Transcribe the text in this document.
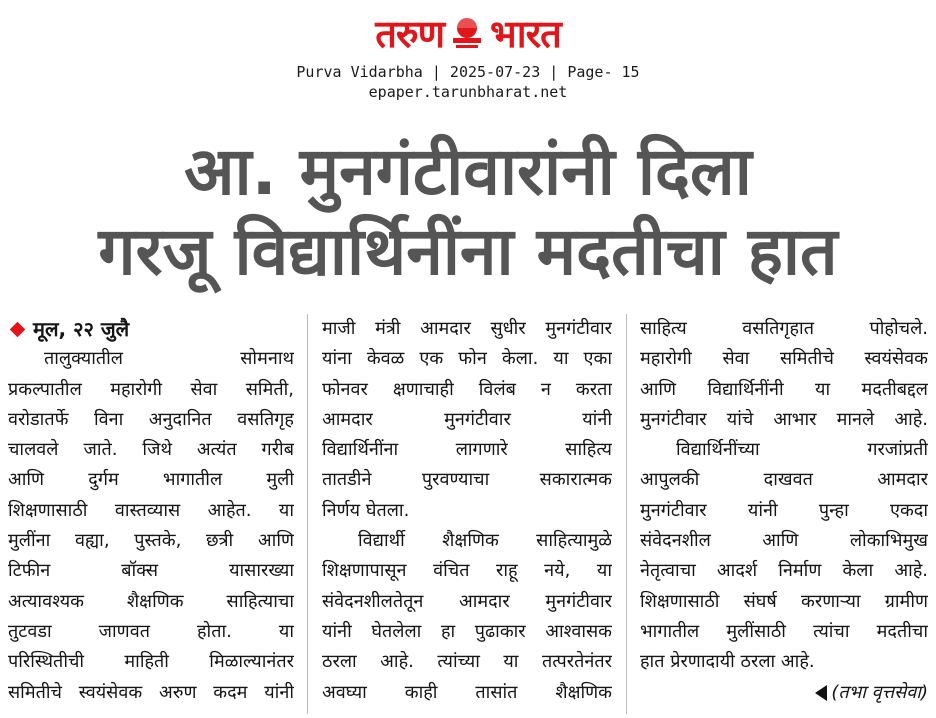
तरुण भारत
Purva Vidarbha | 2025-07-23 | Page- 15
epaper.tarunbharat.net
आ. मुनगंटीवारांनी दिला
गरजू विद्यार्थिनींना मदतीचा हात
मूल, २२ जुलै
तालुक्यातील सोमनाथ
प्रकल्पातील महारोगी सेवा समिती,
वरोडातर्फे विना अनुदानित वसतिगृह
चालवले जाते. जिथे अत्यंत गरीब
आणि दुर्गम भागातील मुली
शिक्षणासाठी वास्तव्यास आहेत. या
मुलींना वह्या, पुस्तके, छत्री आणि
टिफीन बॉक्स यासारख्या
अत्यावश्यक शैक्षणिक साहित्याचा
तुटवडा जाणवत होता. या
परिस्थितीची माहिती मिळाल्यानंतर
समितीचे स्वयंसेवक अरुण कदम यांनी
माजी मंत्री आमदार सुधीर मुनगंटीवार
यांना केवळ एक फोन केला. या एका
फोनवर क्षणाचाही विलंब न करता
आमदार मुनगंटीवार यांनी
विद्यार्थिनींना लागणारे साहित्य
तातडीने पुरवण्याचा सकारात्मक
निर्णय घेतला.
विद्यार्थी शैक्षणिक साहित्यामुळे
शिक्षणापासून वंचित राहू नये, या
संवेदनशीलतेतून आमदार मुनगंटीवार
यांनी घेतलेला हा पुढाकार आश्वासक
ठरला आहे. त्यांच्या या तत्परतेनंतर
अवघ्या काही तासांत शैक्षणिक
साहित्य वसतिगृहात पोहोचले.
महारोगी सेवा समितीचे स्वयंसेवक
आणि विद्यार्थिनींनी या मदतीबद्दल
मुनगंटीवार यांचे आभार मानले आहे.
विद्यार्थिनींच्या गरजांप्रती
आपुलकी दाखवत आमदार
मुनगंटीवार यांनी पुन्हा एकदा
संवेदनशील आणि लोकाभिमुख
नेतृत्वाचा आदर्श निर्माण केला आहे.
शिक्षणासाठी संघर्ष करणाऱ्या ग्रामीण
भागातील मुलींसाठी त्यांचा मदतीचा
हात प्रेरणादायी ठरला आहे.
(तभा वृत्तसेवा)
